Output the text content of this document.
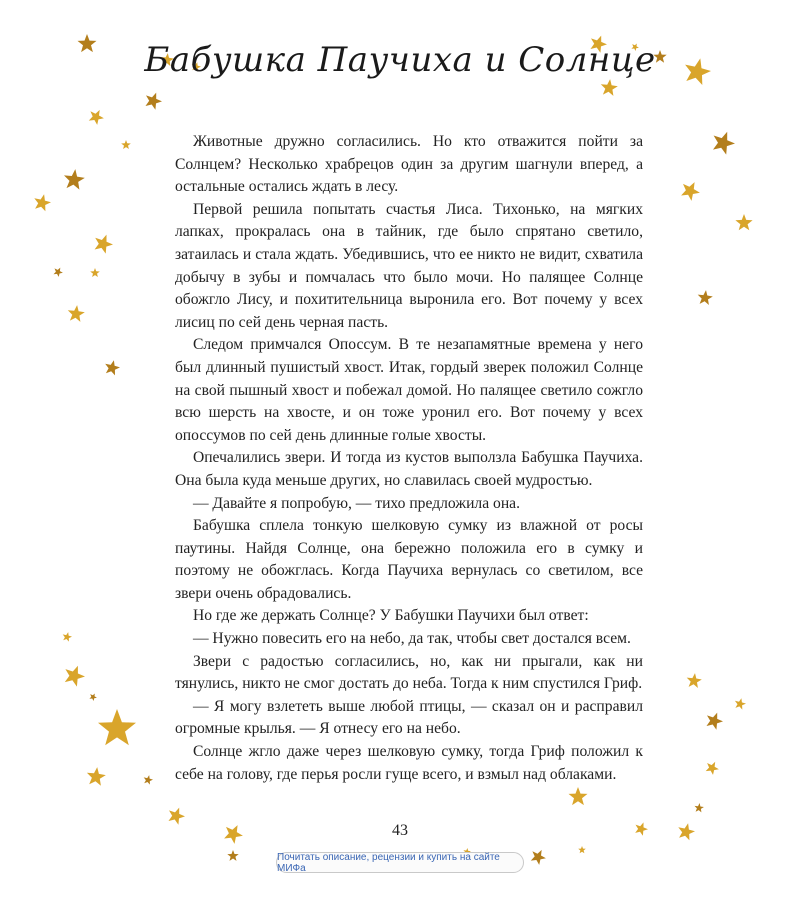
Бабушка Паучиха и Солнце

Животные дружно согласились. Но кто отважится пойти за Солнцем? Несколько храбрецов один за другим шагнули вперед, а остальные остались ждать в лесу.

Первой решила попытать счастья Лиса. Тихонько, на мягких лапках, прокралась она в тайник, где было спрятано светило, затаилась и стала ждать. Убедившись, что ее никто не видит, схватила добычу в зубы и помчалась что было мочи. Но палящее Солнце обожгло Лису, и похитительница выронила его. Вот почему у всех лисиц по сей день черная пасть.

Следом примчался Опоссум. В те незапамятные времена у него был длинный пушистый хвост. Итак, гордый зверек положил Солнце на свой пышный хвост и побежал домой. Но палящее светило сожгло всю шерсть на хвосте, и он тоже уронил его. Вот почему у всех опоссумов по сей день длинные голые хвосты.

Опечалились звери. И тогда из кустов выползла Бабушка Паучиха. Она была куда меньше других, но славилась своей мудростью.

— Давайте я попробую, — тихо предложила она.

Бабушка сплела тонкую шелковую сумку из влажной от росы паутины. Найдя Солнце, она бережно положила его в сумку и поэтому не обожглась. Когда Паучиха вернулась со светилом, все звери очень обрадовались.

Но где же держать Солнце? У Бабушки Паучихи был ответ:

— Нужно повесить его на небо, да так, чтобы свет достался всем.

Звери с радостью согласились, но, как ни прыгали, как ни тянулись, никто не смог достать до неба. Тогда к ним спустился Гриф.

— Я могу взлететь выше любой птицы, — сказал он и расправил огромные крылья. — Я отнесу его на небо.

Солнце жгло даже через шелковую сумку, тогда Гриф положил к себе на голову, где перья росли гуще всего, и взмыл над облаками.

43
Почитать описание, рецензии и купить на сайте МИФа
